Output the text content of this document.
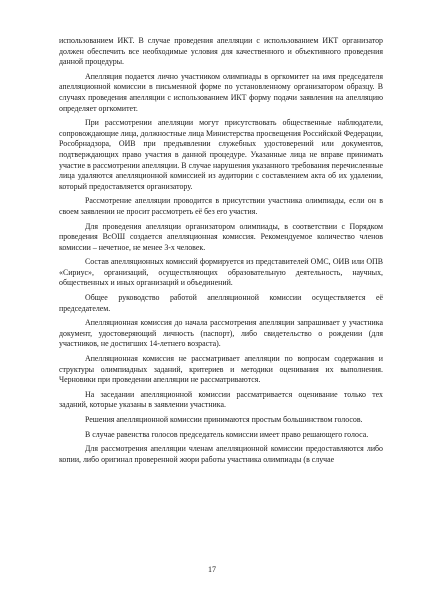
использованием ИКТ. В случае проведения апелляции с использованием ИКТ организатор должен обеспечить все необходимые условия для качественного и объективного проведения данной процедуры.

Апелляция подается лично участником олимпиады в оргкомитет на имя председателя апелляционной комиссии в письменной форме по установленному организатором образцу. В случаях проведения апелляции с использованием ИКТ форму подачи заявления на апелляцию определяет оргкомитет.

При рассмотрении апелляции могут присутствовать общественные наблюдатели, сопровождающие лица, должностные лица Министерства просвещения Российской Федерации, Рособрнадзора, ОИВ при предъявлении служебных удостоверений или документов, подтверждающих право участия в данной процедуре. Указанные лица не вправе принимать участие в рассмотрении апелляции. В случае нарушения указанного требования перечисленные лица удаляются апелляционной комиссией из аудитории с составлением акта об их удалении, который предоставляется организатору.

Рассмотрение апелляции проводится в присутствии участника олимпиады, если он в своем заявлении не просит рассмотреть её без его участия.

Для проведения апелляции организатором олимпиады, в соответствии с Порядком проведения ВсОШ создается апелляционная комиссия. Рекомендуемое количество членов комиссии – нечетное, не менее 3-х человек.

Состав апелляционных комиссий формируется из представителей ОМС, ОИВ или ОПВ «Сириус», организаций, осуществляющих образовательную деятельность, научных, общественных и иных организаций и объединений.

Общее руководство работой апелляционной комиссии осуществляется её председателем.

Апелляционная комиссия до начала рассмотрения апелляции запрашивает у участника документ, удостоверяющий личность (паспорт), либо свидетельство о рождении (для участников, не достигших 14-летнего возраста).

Апелляционная комиссия не рассматривает апелляции по вопросам содержания и структуры олимпиадных заданий, критериев и методики оценивания их выполнения. Черновики при проведении апелляции не рассматриваются.

На заседании апелляционной комиссии рассматривается оценивание только тех заданий, которые указаны в заявлении участника.

Решения апелляционной комиссии принимаются простым большинством голосов.

В случае равенства голосов председатель комиссии имеет право решающего голоса.

Для рассмотрения апелляции членам апелляционной комиссии предоставляются либо копии, либо оригинал проверенной жюри работы участника олимпиады (в случае

17
